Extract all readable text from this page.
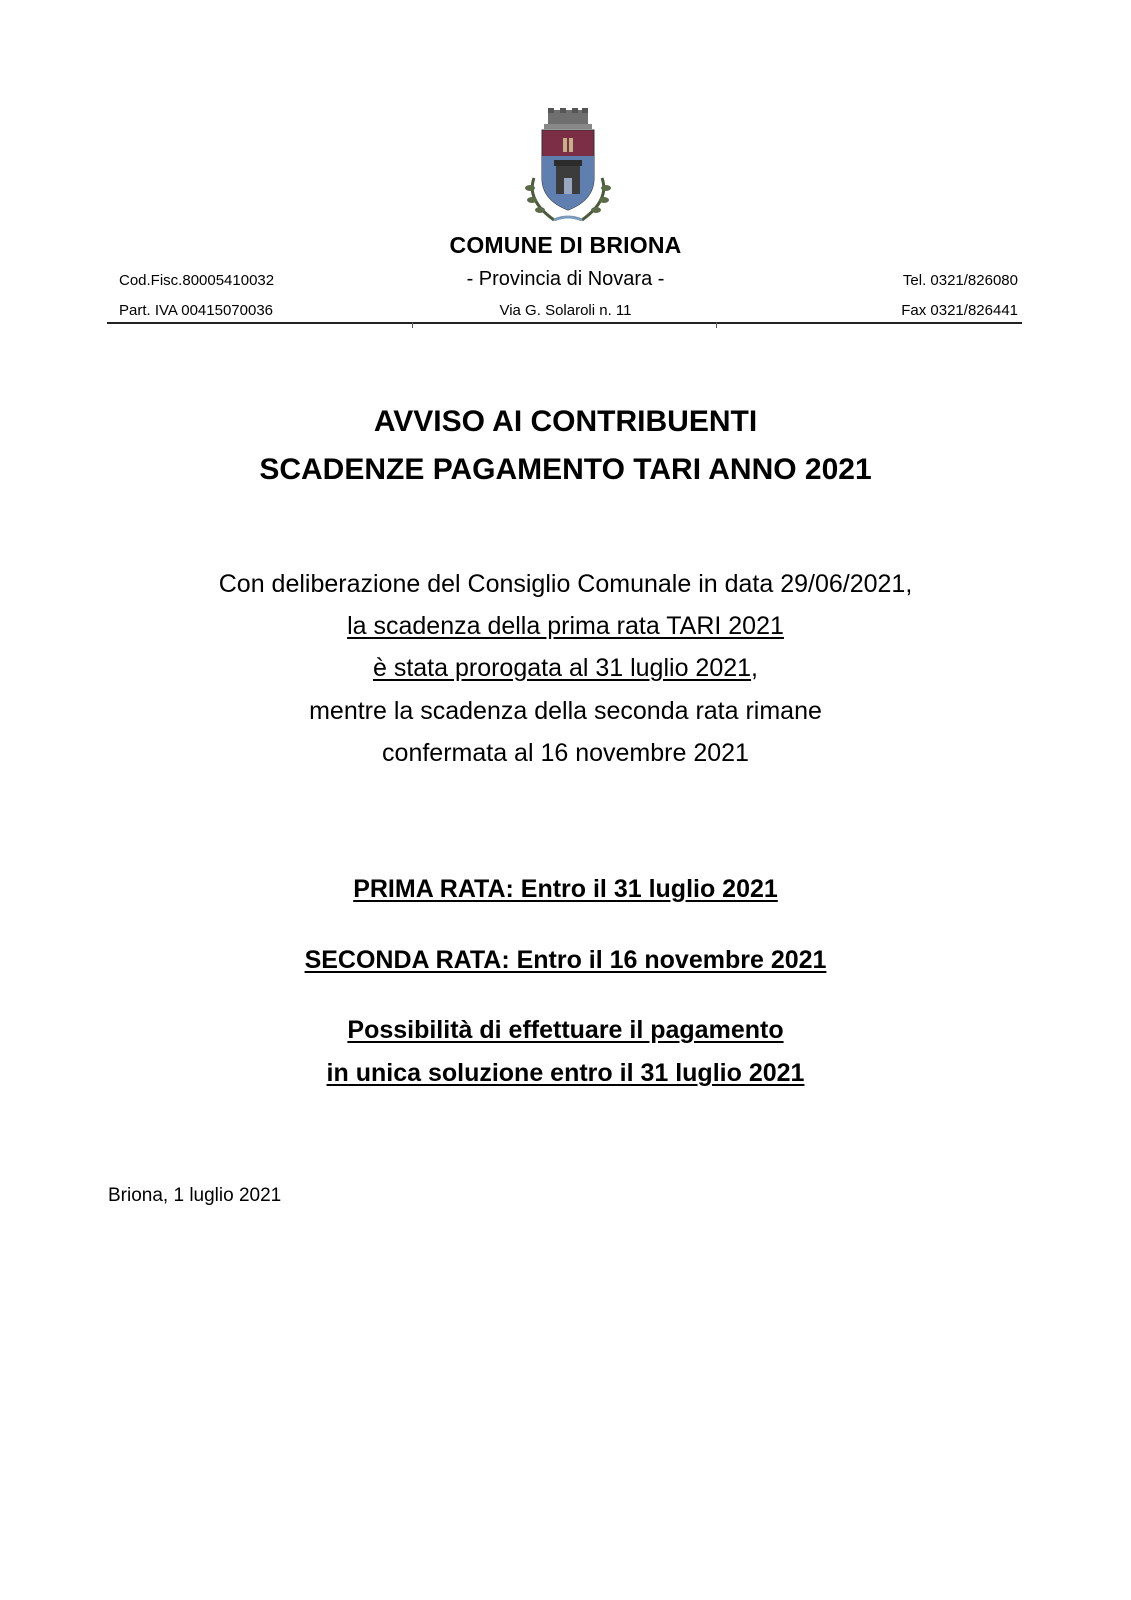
COMUNE DI BRIONA
Cod.Fisc.80005410032	- Provincia di Novara -	Tel. 0321/826080
Part. IVA 00415070036	Via G. Solaroli n. 11	Fax 0321/826441
AVVISO AI CONTRIBUENTI
SCADENZE PAGAMENTO TARI ANNO 2021
Con deliberazione del Consiglio Comunale in data 29/06/2021,
la scadenza della prima rata TARI 2021
è stata prorogata al 31 luglio 2021,
mentre la scadenza della seconda rata rimane
confermata al 16 novembre 2021
PRIMA RATA: Entro il 31 luglio 2021
SECONDA RATA: Entro il 16 novembre 2021
Possibilità di effettuare il pagamento
in unica soluzione entro il 31 luglio 2021
Briona, 1 luglio 2021
